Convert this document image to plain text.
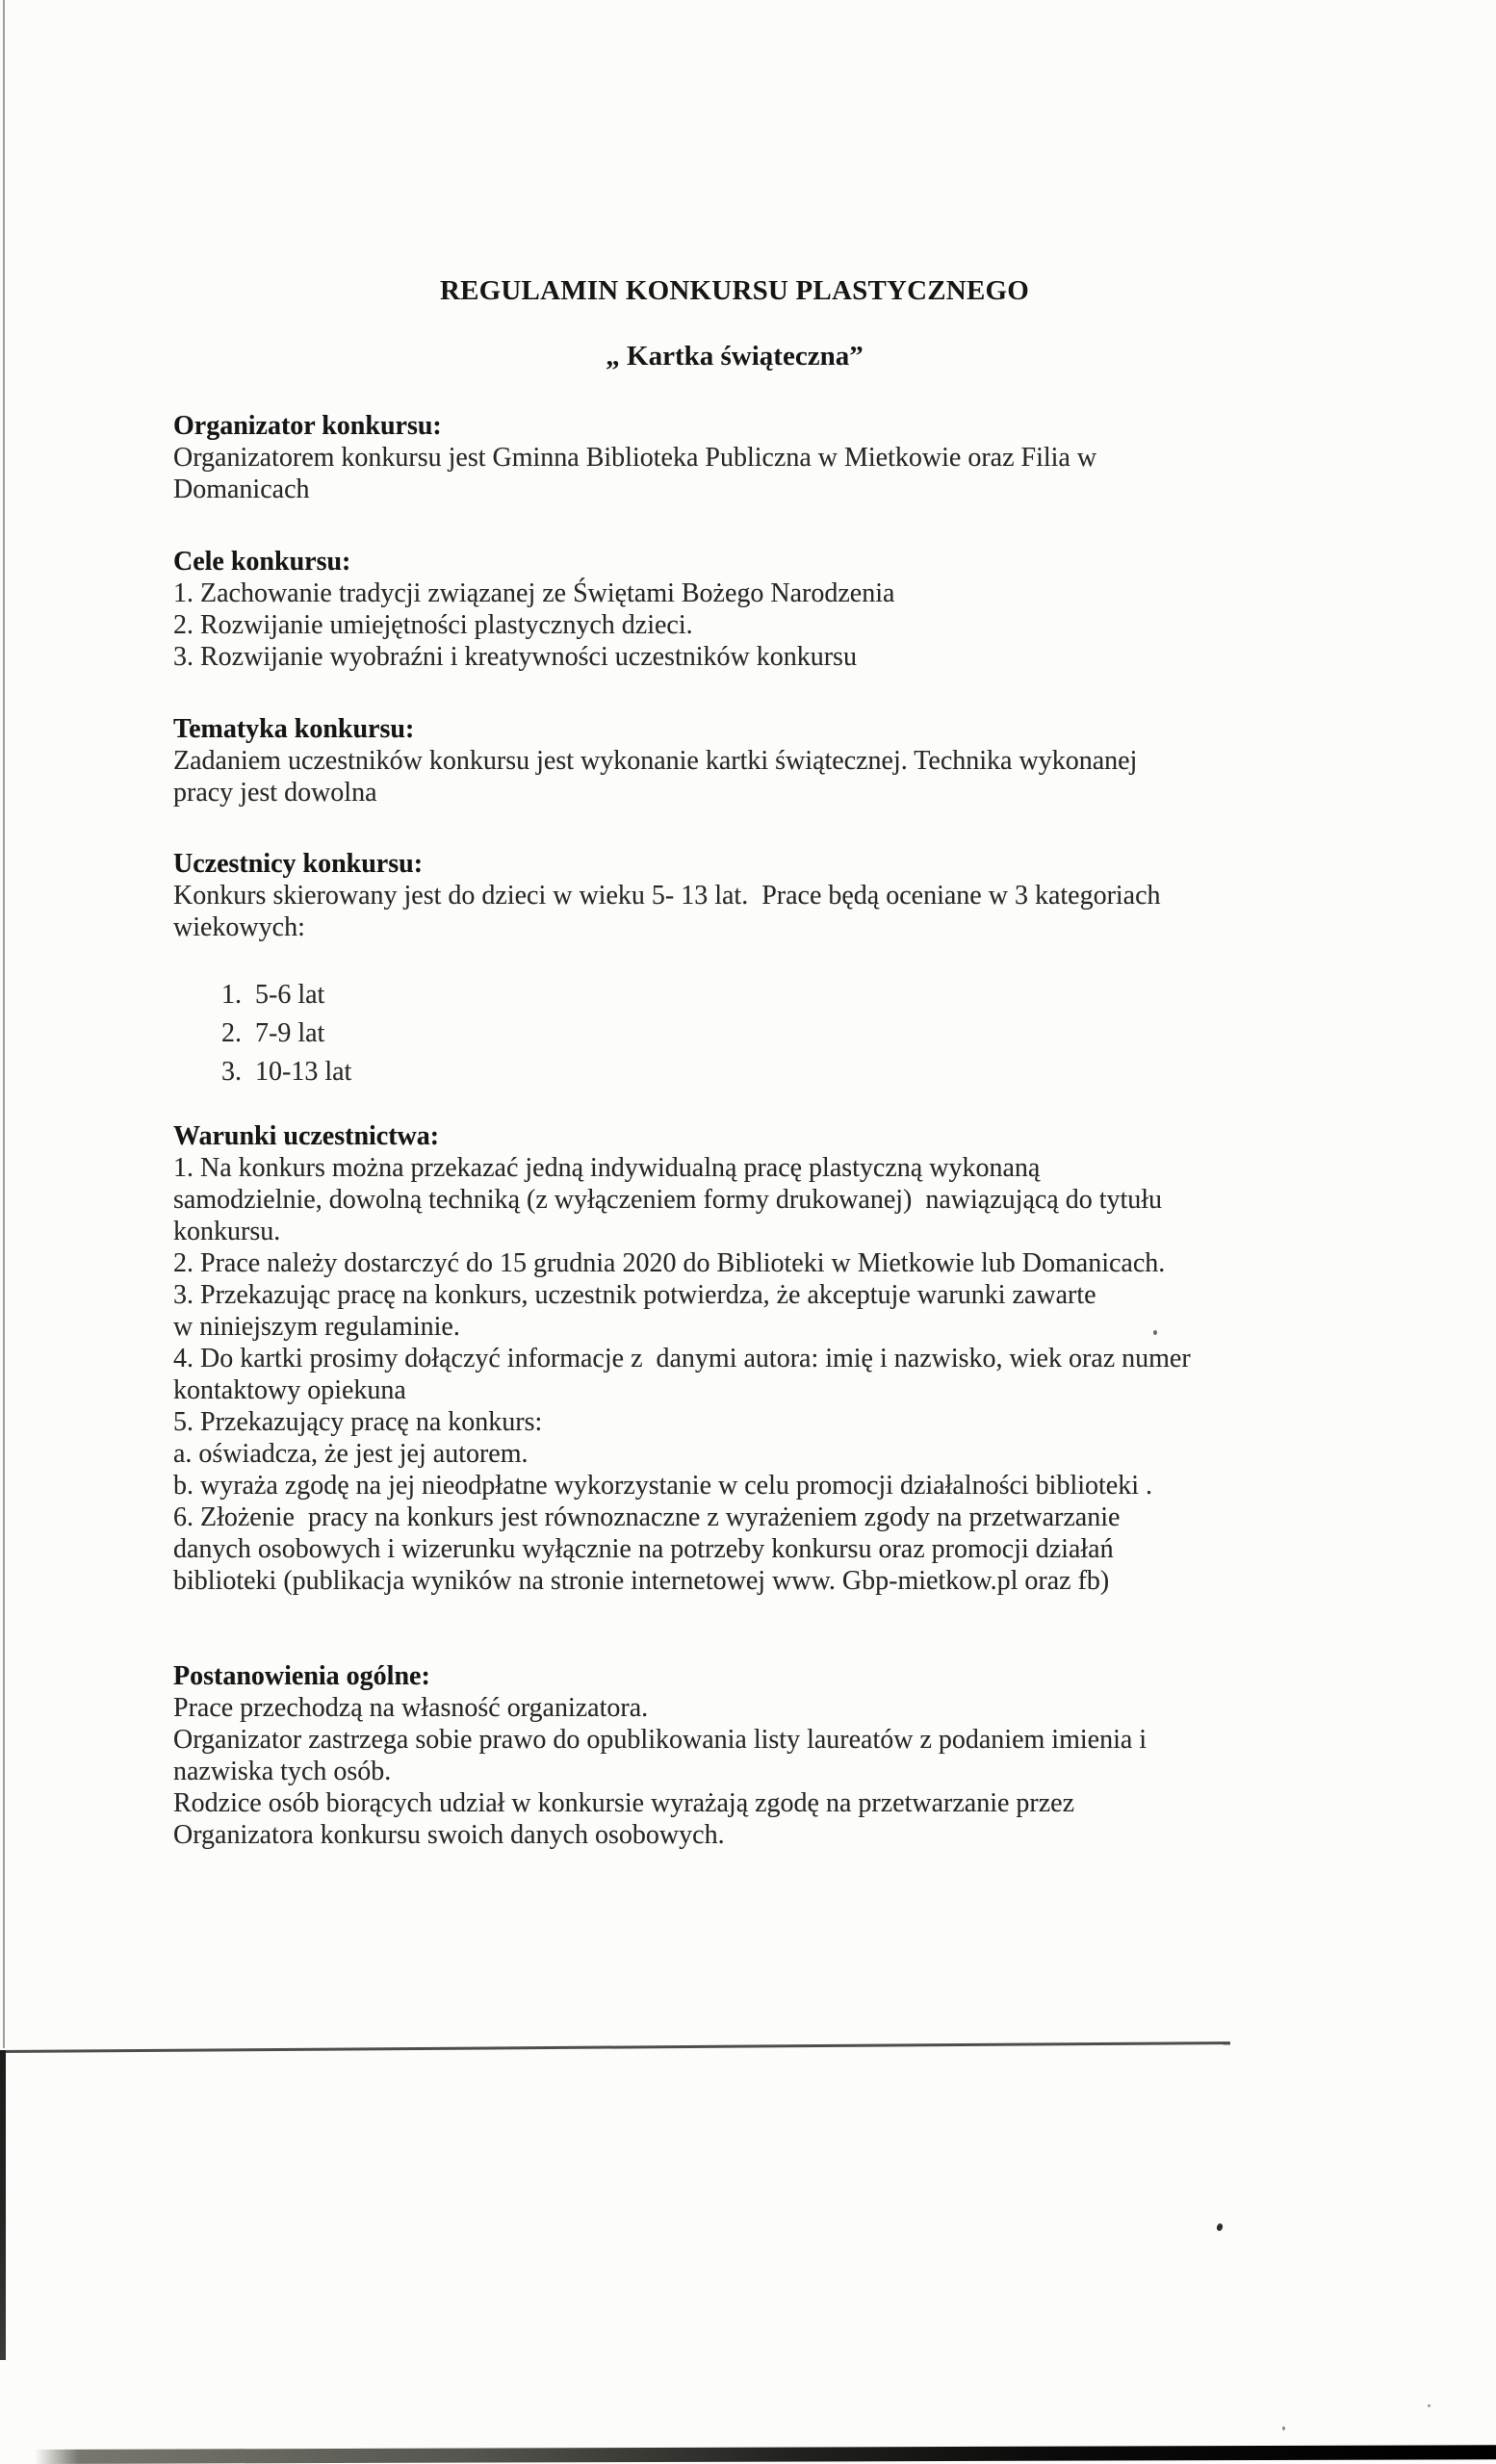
REGULAMIN KONKURSU PLASTYCZNEGO
„ Kartka świąteczna”
Organizator konkursu:
Organizatorem konkursu jest Gminna Biblioteka Publiczna w Mietkowie oraz Filia w
Domanicach
Cele konkursu:
1. Zachowanie tradycji związanej ze Świętami Bożego Narodzenia
2. Rozwijanie umiejętności plastycznych dzieci.
3. Rozwijanie wyobraźni i kreatywności uczestników konkursu
Tematyka konkursu:
Zadaniem uczestników konkursu jest wykonanie kartki świątecznej. Technika wykonanej
pracy jest dowolna
Uczestnicy konkursu:
Konkurs skierowany jest do dzieci w wieku 5- 13 lat.  Prace będą oceniane w 3 kategoriach
wiekowych:
1.  5-6 lat
2.  7-9 lat
3.  10-13 lat
Warunki uczestnictwa:
1. Na konkurs można przekazać jedną indywidualną pracę plastyczną wykonaną
samodzielnie, dowolną techniką (z wyłączeniem formy drukowanej)  nawiązującą do tytułu
konkursu.
2. Prace należy dostarczyć do 15 grudnia 2020 do Biblioteki w Mietkowie lub Domanicach.
3. Przekazując pracę na konkurs, uczestnik potwierdza, że akceptuje warunki zawarte
w niniejszym regulaminie.
4. Do kartki prosimy dołączyć informacje z  danymi autora: imię i nazwisko, wiek oraz numer
kontaktowy opiekuna
5. Przekazujący pracę na konkurs:
a. oświadcza, że jest jej autorem.
b. wyraża zgodę na jej nieodpłatne wykorzystanie w celu promocji działalności biblioteki .
6. Złożenie  pracy na konkurs jest równoznaczne z wyrażeniem zgody na przetwarzanie
danych osobowych i wizerunku wyłącznie na potrzeby konkursu oraz promocji działań
biblioteki (publikacja wyników na stronie internetowej www. Gbp-mietkow.pl oraz fb)
Postanowienia ogólne:
Prace przechodzą na własność organizatora.
Organizator zastrzega sobie prawo do opublikowania listy laureatów z podaniem imienia i
nazwiska tych osób.
Rodzice osób biorących udział w konkursie wyrażają zgodę na przetwarzanie przez
Organizatora konkursu swoich danych osobowych.
